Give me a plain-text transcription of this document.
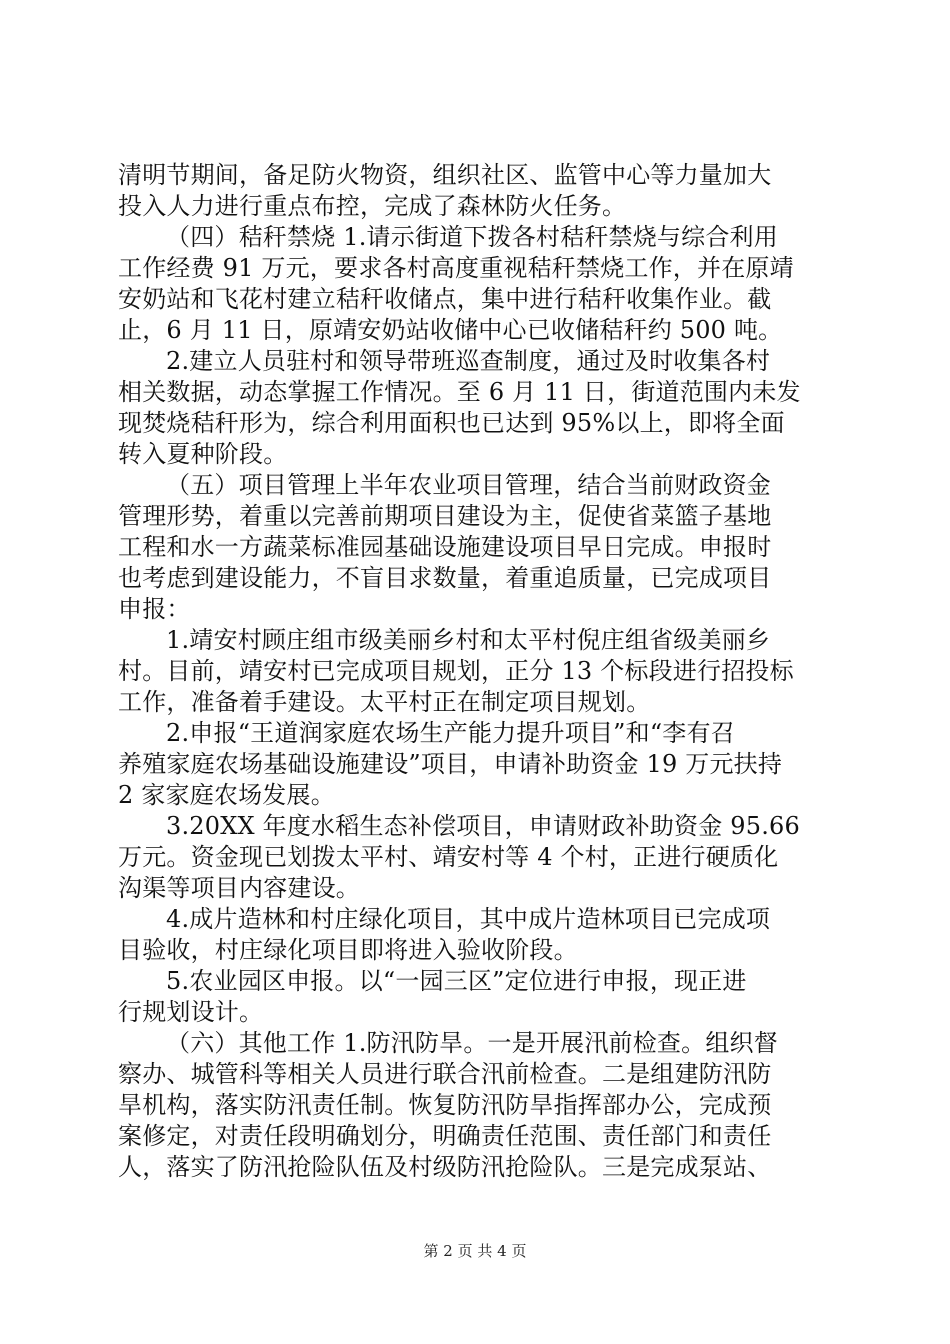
清明节期间，备足防火物资，组织社区、监管中心等力量加大
投入人力进行重点布控，完成了森林防火任务。
（四）秸秆禁烧 1.请示街道下拨各村秸秆禁烧与综合利用
工作经费 91 万元，要求各村高度重视秸秆禁烧工作，并在原靖
安奶站和飞花村建立秸秆收储点，集中进行秸秆收集作业。截
止，6 月 11 日，原靖安奶站收储中心已收储秸秆约 500 吨。
2.建立人员驻村和领导带班巡查制度，通过及时收集各村
相关数据，动态掌握工作情况。至 6 月 11 日，街道范围内未发
现焚烧秸秆形为，综合利用面积也已达到 95%以上，即将全面
转入夏种阶段。
（五）项目管理上半年农业项目管理，结合当前财政资金
管理形势，着重以完善前期项目建设为主，促使省菜篮子基地
工程和水一方蔬菜标准园基础设施建设项目早日完成。申报时
也考虑到建设能力，不盲目求数量，着重追质量，已完成项目
申报：
1.靖安村顾庄组市级美丽乡村和太平村倪庄组省级美丽乡
村。目前，靖安村已完成项目规划，正分 13 个标段进行招投标
工作，准备着手建设。太平村正在制定项目规划。
2.申报“王道润家庭农场生产能力提升项目”和“李有召
养殖家庭农场基础设施建设”项目，申请补助资金 19 万元扶持
2 家家庭农场发展。
3.20XX 年度水稻生态补偿项目，申请财政补助资金 95.66
万元。资金现已划拨太平村、靖安村等 4 个村，正进行硬质化
沟渠等项目内容建设。
4.成片造林和村庄绿化项目，其中成片造林项目已完成项
目验收，村庄绿化项目即将进入验收阶段。
5.农业园区申报。以“一园三区”定位进行申报，现正进
行规划设计。
（六）其他工作 1.防汛防旱。一是开展汛前检查。组织督
察办、城管科等相关人员进行联合汛前检查。二是组建防汛防
旱机构，落实防汛责任制。恢复防汛防旱指挥部办公，完成预
案修定，对责任段明确划分，明确责任范围、责任部门和责任
人，落实了防汛抢险队伍及村级防汛抢险队。三是完成泵站、
第 2 页 共 4 页
